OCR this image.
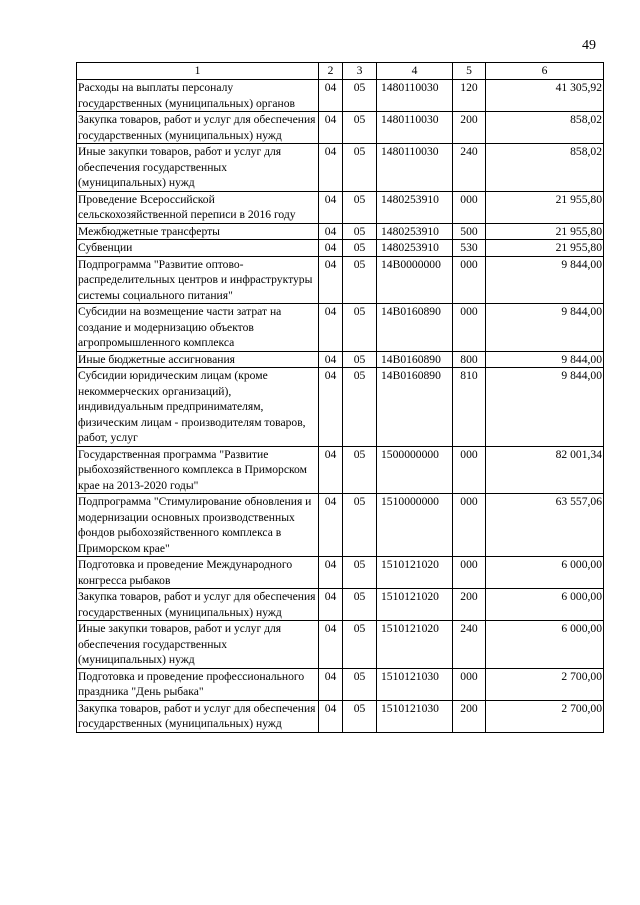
49
1	2	3	4	5	6
Расходы на выплаты персоналу государственных (муниципальных) органов	04	05	1480110030	120	41 305,92
Закупка товаров, работ и услуг для обеспечения государственных (муниципальных) нужд	04	05	1480110030	200	858,02
Иные закупки товаров, работ и услуг для обеспечения государственных (муниципальных) нужд	04	05	1480110030	240	858,02
Проведение Всероссийской сельскохозяйственной переписи в 2016 году	04	05	1480253910	000	21 955,80
Межбюджетные трансферты	04	05	1480253910	500	21 955,80
Субвенции	04	05	1480253910	530	21 955,80
Подпрограмма "Развитие оптово-распределительных центров и инфраструктуры системы социального питания"	04	05	14В0000000	000	9 844,00
Субсидии на возмещение части затрат на создание и модернизацию объектов агропромышленного комплекса	04	05	14В0160890	000	9 844,00
Иные бюджетные ассигнования	04	05	14В0160890	800	9 844,00
Субсидии юридическим лицам (кроме некоммерческих организаций), индивидуальным предпринимателям, физическим лицам - производителям товаров, работ, услуг	04	05	14В0160890	810	9 844,00
Государственная программа "Развитие рыбохозяйственного комплекса в Приморском крае на 2013-2020 годы"	04	05	1500000000	000	82 001,34
Подпрограмма "Стимулирование обновления и модернизации основных производственных фондов рыбохозяйственного комплекса в Приморском крае"	04	05	1510000000	000	63 557,06
Подготовка и проведение Международного конгресса рыбаков	04	05	1510121020	000	6 000,00
Закупка товаров, работ и услуг для обеспечения государственных (муниципальных) нужд	04	05	1510121020	200	6 000,00
Иные закупки товаров, работ и услуг для обеспечения государственных (муниципальных) нужд	04	05	1510121020	240	6 000,00
Подготовка и проведение профессионального праздника "День рыбака"	04	05	1510121030	000	2 700,00
Закупка товаров, работ и услуг для обеспечения государственных (муниципальных) нужд	04	05	1510121030	200	2 700,00
